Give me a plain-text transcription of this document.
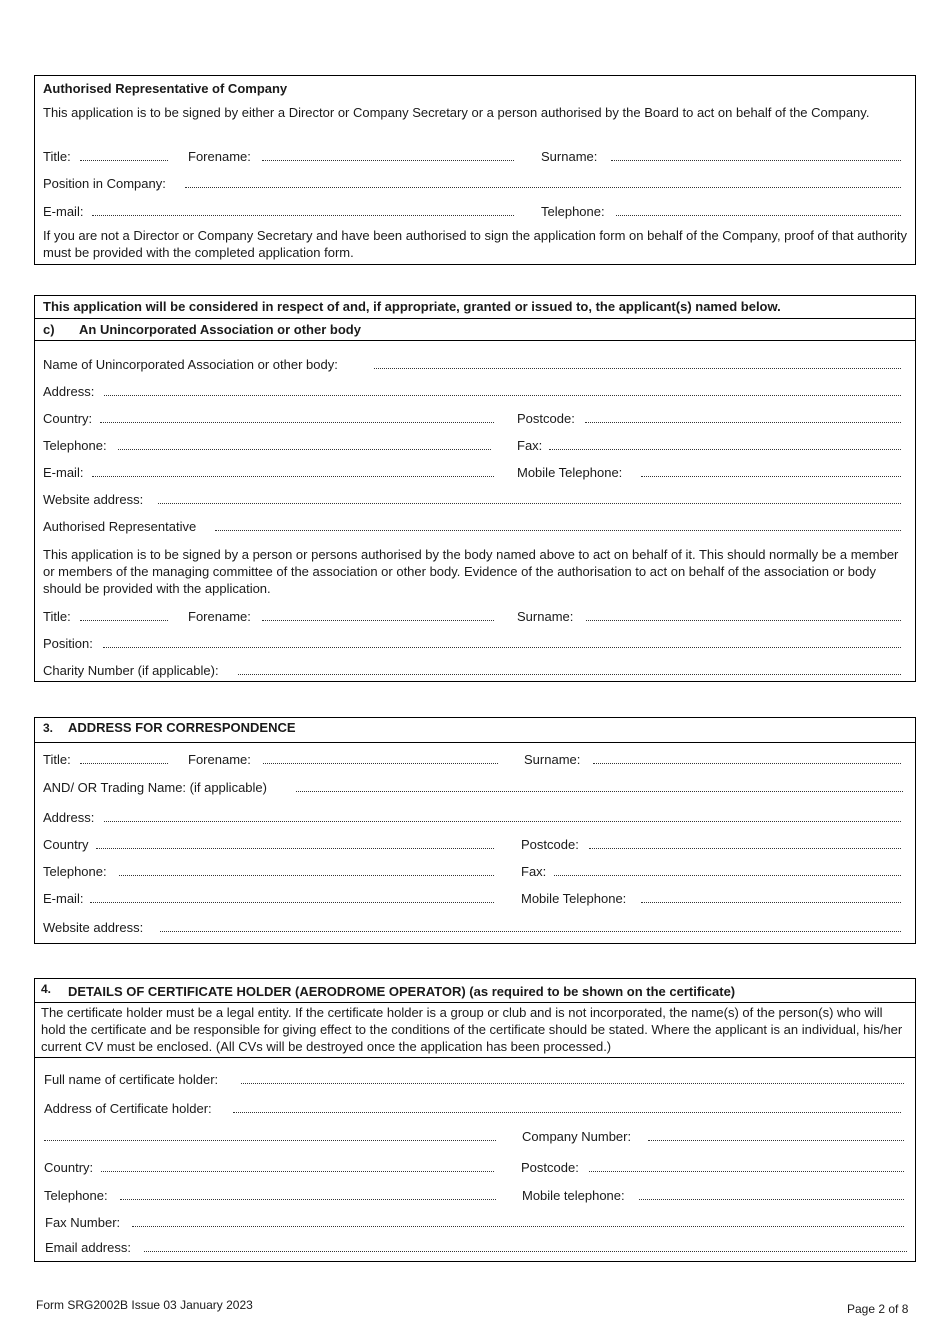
Authorised Representative of Company
This application is to be signed by either a Director or Company Secretary or a person authorised by the Board to act on behalf of the Company.
Title:	Forename:	Surname:
Position in Company:
E-mail:	Telephone:
If you are not a Director or Company Secretary and have been authorised to sign the application form on behalf of the Company, proof of that authority must be provided with the completed application form.
This application will be considered in respect of and, if appropriate, granted or issued to, the applicant(s) named below.
c) An Unincorporated Association or other body
Name of Unincorporated Association or other body:
Address:
Country:	Postcode:
Telephone:	Fax:
E-mail:	Mobile Telephone:
Website address:
Authorised Representative
This application is to be signed by a person or persons authorised by the body named above to act on behalf of it. This should normally be a member or members of the managing committee of the association or other body. Evidence of the authorisation to act on behalf of the association or body should be provided with the application.
Title:	Forename:	Surname:
Position:
Charity Number (if applicable):
3. ADDRESS FOR CORRESPONDENCE
Title:	Forename:	Surname:
AND/ OR Trading Name: (if applicable)
Address:
Country	Postcode:
Telephone:	Fax:
E-mail:	Mobile Telephone:
Website address:
4. DETAILS OF CERTIFICATE HOLDER (AERODROME OPERATOR) (as required to be shown on the certificate)
The certificate holder must be a legal entity. If the certificate holder is a group or club and is not incorporated, the name(s) of the person(s) who will hold the certificate and be responsible for giving effect to the conditions of the certificate should be stated. Where the applicant is an individual, his/her current CV must be enclosed. (All CVs will be destroyed once the application has been processed.)
Full name of certificate holder:
Address of Certificate holder:
Company Number:
Country:	Postcode:
Telephone:	Mobile telephone:
Fax Number:
Email address:
Form SRG2002B Issue 03 January 2023	Page 2 of 8
